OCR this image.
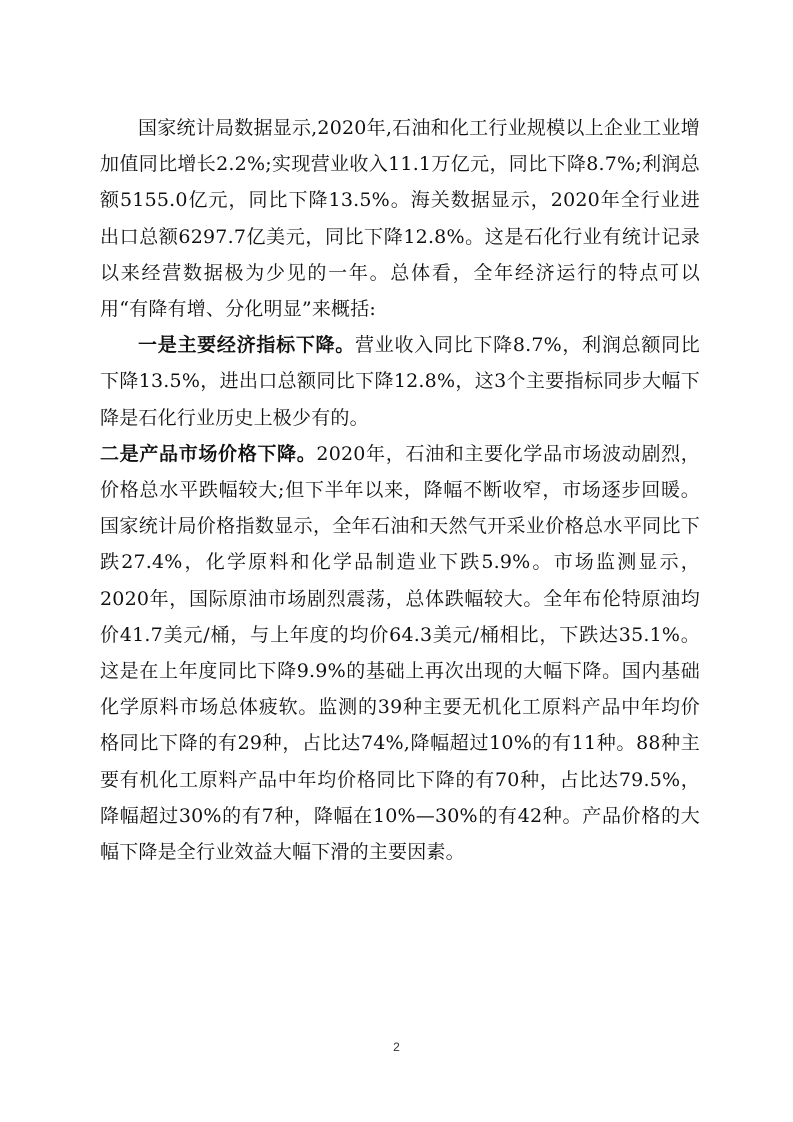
国家统计局数据显示,2020年,石油和化工行业规模以上企业工业增加值同比增长2.2%;实现营业收入11.1万亿元，同比下降8.7%;利润总额5155.0亿元，同比下降13.5%。海关数据显示，2020年全行业进出口总额6297.7亿美元，同比下降12.8%。这是石化行业有统计记录以来经营数据极为少见的一年。总体看，全年经济运行的特点可以用“有降有增、分化明显”来概括:

一是主要经济指标下降。营业收入同比下降8.7%，利润总额同比下降13.5%，进出口总额同比下降12.8%，这3个主要指标同步大幅下降是石化行业历史上极少有的。

二是产品市场价格下降。2020年，石油和主要化学品市场波动剧烈，价格总水平跌幅较大;但下半年以来，降幅不断收窄，市场逐步回暖。国家统计局价格指数显示，全年石油和天然气开采业价格总水平同比下跌27.4%，化学原料和化学品制造业下跌5.9%。市场监测显示，2020年，国际原油市场剧烈震荡，总体跌幅较大。全年布伦特原油均价41.7美元/桶，与上年度的均价64.3美元/桶相比，下跌达35.1%。这是在上年度同比下降9.9%的基础上再次出现的大幅下降。国内基础化学原料市场总体疲软。监测的39种主要无机化工原料产品中年均价格同比下降的有29种，占比达74%,降幅超过10%的有11种。88种主要有机化工原料产品中年均价格同比下降的有70种，占比达79.5%，降幅超过30%的有7种，降幅在10%—30%的有42种。产品价格的大幅下降是全行业效益大幅下滑的主要因素。

2
